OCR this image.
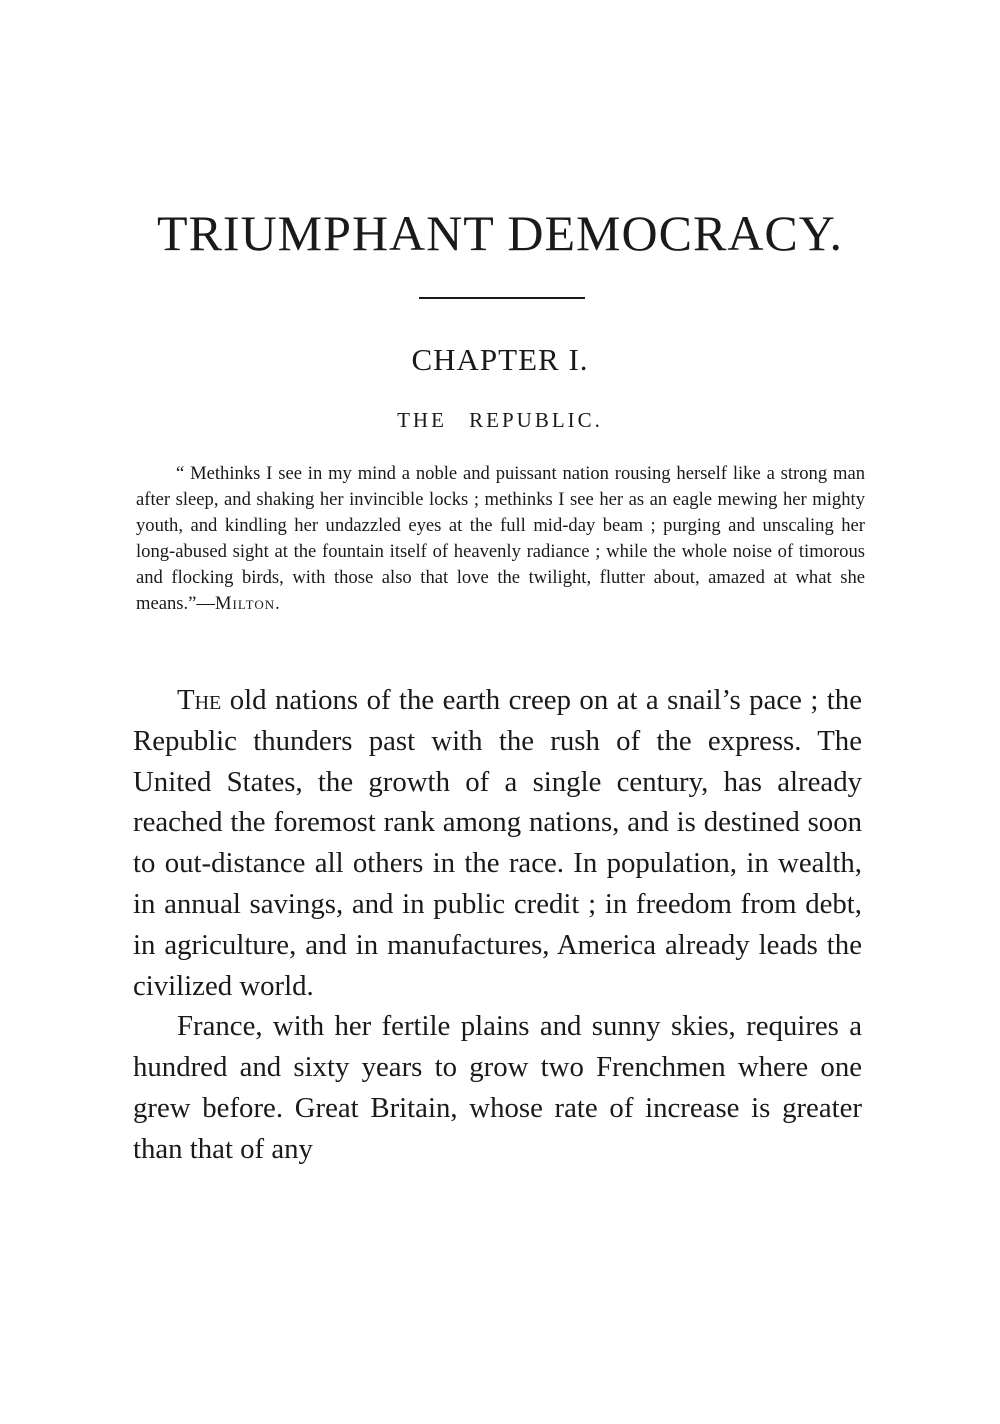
TRIUMPHANT DEMOCRACY.
CHAPTER I.
THE REPUBLIC.

“ Methinks I see in my mind a noble and puissant nation rousing herself like a strong man after sleep, and shaking her invincible locks ; methinks I see her as an eagle mewing her mighty youth, and kindling her undazzled eyes at the full mid-day beam ; purging and unscaling her long-abused sight at the fountain itself of heavenly radiance ; while the whole noise of timorous and flocking birds, with those also that love the twilight, flutter about, amazed at what she means.”—Milton.

The old nations of the earth creep on at a snail’s pace ; the Republic thunders past with the rush of the express. The United States, the growth of a single century, has already reached the foremost rank among nations, and is destined soon to out-distance all others in the race. In population, in wealth, in annual savings, and in public credit ; in freedom from debt, in agriculture, and in manufactures, America already leads the civilized world.

France, with her fertile plains and sunny skies, requires a hundred and sixty years to grow two Frenchmen where one grew before. Great Britain, whose rate of increase is greater than that of any
